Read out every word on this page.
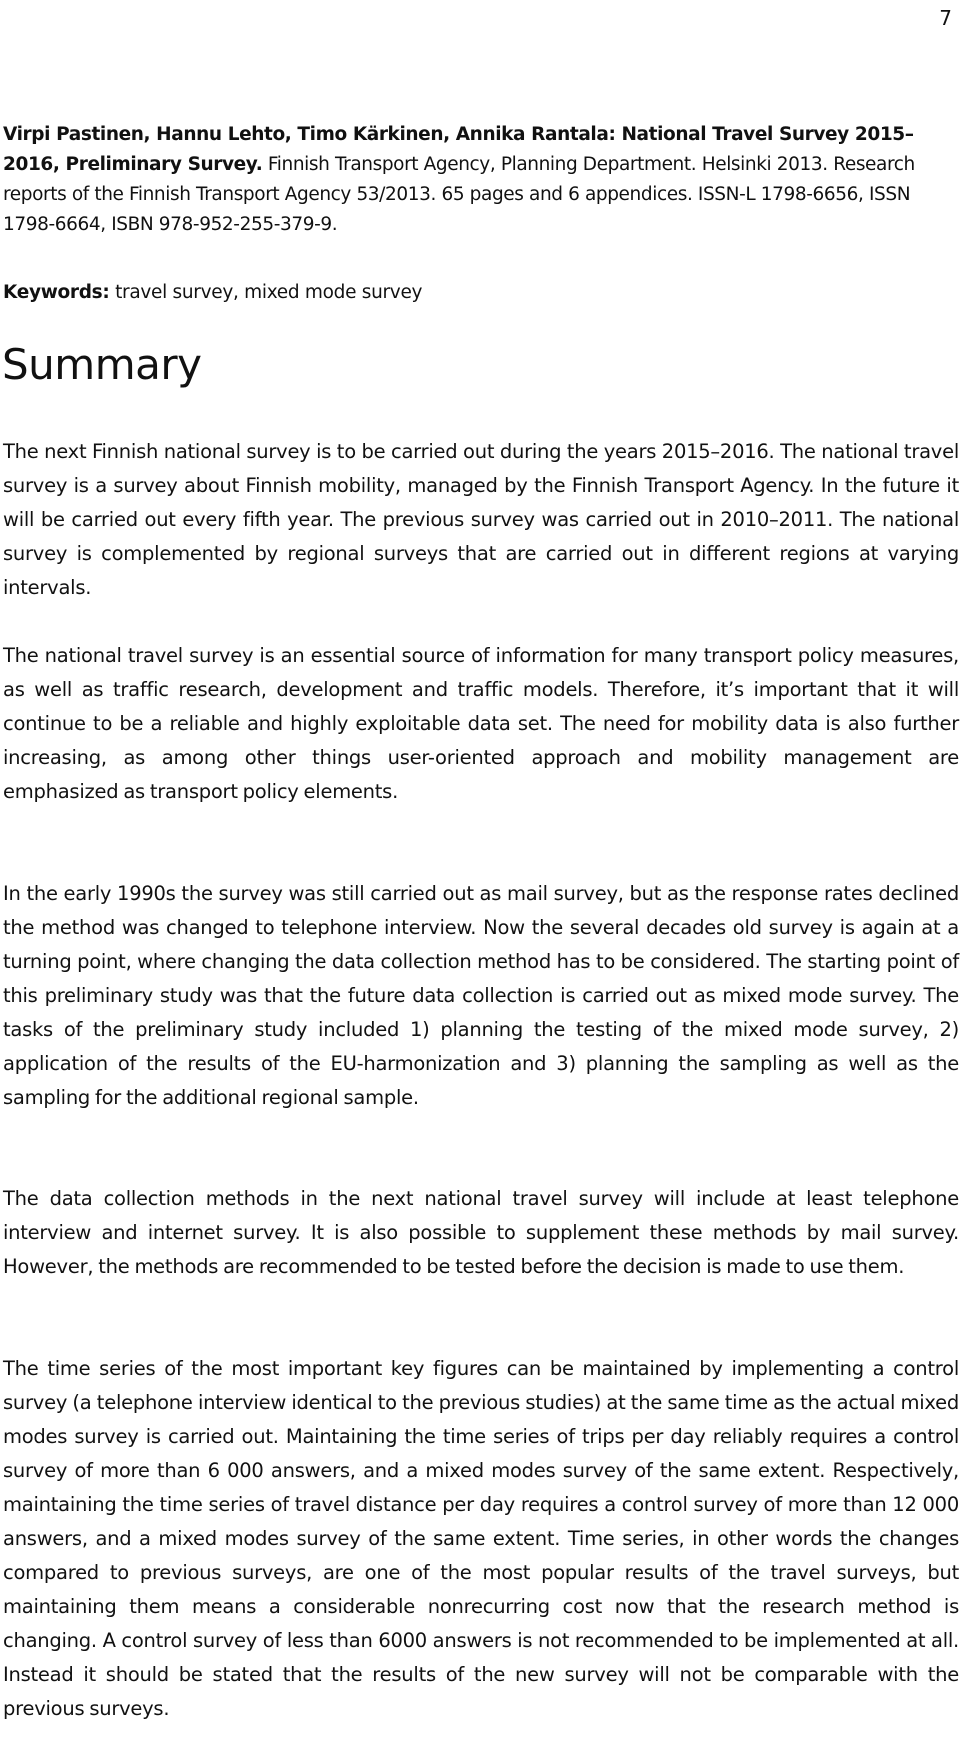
7
Virpi Pastinen, Hannu Lehto, Timo Kärkinen, Annika Rantala: National Travel Survey 2015–2016, Preliminary Survey. Finnish Transport Agency, Planning Department. Helsinki 2013. Research reports of the Finnish Transport Agency 53/2013. 65 pages and 6 appendices. ISSN-L 1798-6656, ISSN 1798-6664, ISBN 978-952-255-379-9.
Keywords: travel survey, mixed mode survey
Summary

The next Finnish national survey is to be carried out during the years 2015–2016. The national travel survey is a survey about Finnish mobility, managed by the Finnish Transport Agency. In the future it will be carried out every fifth year. The previous survey was carried out in 2010–2011. The national survey is complemented by regional surveys that are carried out in different regions at varying intervals.

The national travel survey is an essential source of information for many transport policy measures, as well as traffic research, development and traffic models. Therefore, it’s important that it will continue to be a reliable and highly exploitable data set. The need for mobility data is also further increasing, as among other things user-oriented approach and mobility management are emphasized as transport policy elements.

In the early 1990s the survey was still carried out as mail survey, but as the response rates declined the method was changed to telephone interview. Now the several decades old survey is again at a turning point, where changing the data collection method has to be considered. The starting point of this preliminary study was that the future data collection is carried out as mixed mode survey. The tasks of the preliminary study included 1) planning the testing of the mixed mode survey, 2) application of the results of the EU-harmonization and 3) planning the sampling as well as the sampling for the additional regional sample.

The data collection methods in the next national travel survey will include at least telephone interview and internet survey. It is also possible to supplement these methods by mail survey. However, the methods are recommended to be tested before the decision is made to use them.

The time series of the most important key figures can be maintained by implementing a control survey (a telephone interview identical to the previous studies) at the same time as the actual mixed modes survey is carried out. Maintaining the time series of trips per day reliably requires a control survey of more than 6 000 answers, and a mixed modes survey of the same extent. Respectively, maintaining the time series of travel distance per day requires a control survey of more than 12 000 answers, and a mixed modes survey of the same extent. Time series, in other words the changes compared to previous surveys, are one of the most popular results of the travel surveys, but maintaining them means a considerable nonrecurring cost now that the research method is changing. A control survey of less than 6000 answers is not recommended to be implemented at all. Instead it should be stated that the results of the new survey will not be comparable with the previous surveys.
